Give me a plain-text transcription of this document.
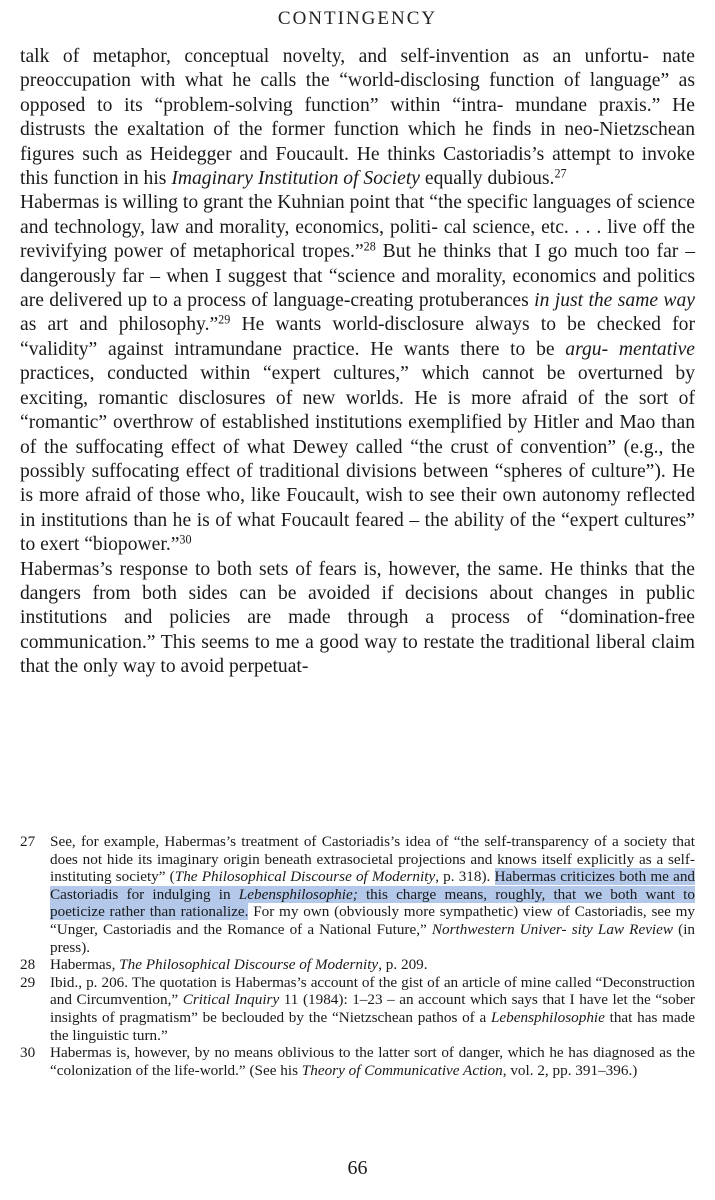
CONTINGENCY

talk of metaphor, conceptual novelty, and self-invention as an unfortu- nate preoccupation with what he calls the “world-disclosing function of language” as opposed to its “problem-solving function” within “intra- mundane praxis.” He distrusts the exaltation of the former function which he finds in neo-Nietzschean figures such as Heidegger and Foucault. He thinks Castoriadis’s attempt to invoke this function in his Imaginary Institution of Society equally dubious.$^{27}$

Habermas is willing to grant the Kuhnian point that “the specific languages of science and technology, law and morality, economics, politi- cal science, etc. . . . live off the revivifying power of metaphorical tropes.”$^{28}$ But he thinks that I go much too far – dangerously far – when I suggest that “science and morality, economics and politics are delivered up to a process of language-creating protuberances in just the same way as art and philosophy.”$^{29}$ He wants world-disclosure always to be checked for “validity” against intramundane practice. He wants there to be argu- mentative practices, conducted within “expert cultures,” which cannot be overturned by exciting, romantic disclosures of new worlds. He is more afraid of the sort of “romantic” overthrow of established institutions exemplified by Hitler and Mao than of the suffocating effect of what Dewey called “the crust of convention” (e.g., the possibly suffocating effect of traditional divisions between “spheres of culture”). He is more afraid of those who, like Foucault, wish to see their own autonomy reflected in institutions than he is of what Foucault feared – the ability of the “expert cultures” to exert “biopower.”$^{30}$

Habermas’s response to both sets of fears is, however, the same. He thinks that the dangers from both sides can be avoided if decisions about changes in public institutions and policies are made through a process of “domination-free communication.” This seems to me a good way to restate the traditional liberal claim that the only way to avoid perpetuat-

27 See, for example, Habermas’s treatment of Castoriadis’s idea of “the self-transparency of a society that does not hide its imaginary origin beneath extrasocietal projections and knows itself explicitly as a self-instituting society” (The Philosophical Discourse of Modernity, p. 318). Habermas criticizes both me and Castoriadis for indulging in Lebensphilosophie; this charge means, roughly, that we both want to poeticize rather than rationalize. For my own (obviously more sympathetic) view of Castoriadis, see my “Unger, Castoriadis and the Romance of a National Future,” Northwestern Univer- sity Law Review (in press).
28 Habermas, The Philosophical Discourse of Modernity, p. 209.
29 Ibid., p. 206. The quotation is Habermas’s account of the gist of an article of mine called “Deconstruction and Circumvention,” Critical Inquiry 11 (1984): 1–23 – an account which says that I have let the “sober insights of pragmatism” be beclouded by the “Nietzschean pathos of a Lebensphilosophie that has made the linguistic turn.”
30 Habermas is, however, by no means oblivious to the latter sort of danger, which he has diagnosed as the “colonization of the life-world.” (See his Theory of Communicative Action, vol. 2, pp. 391–396.)
66
